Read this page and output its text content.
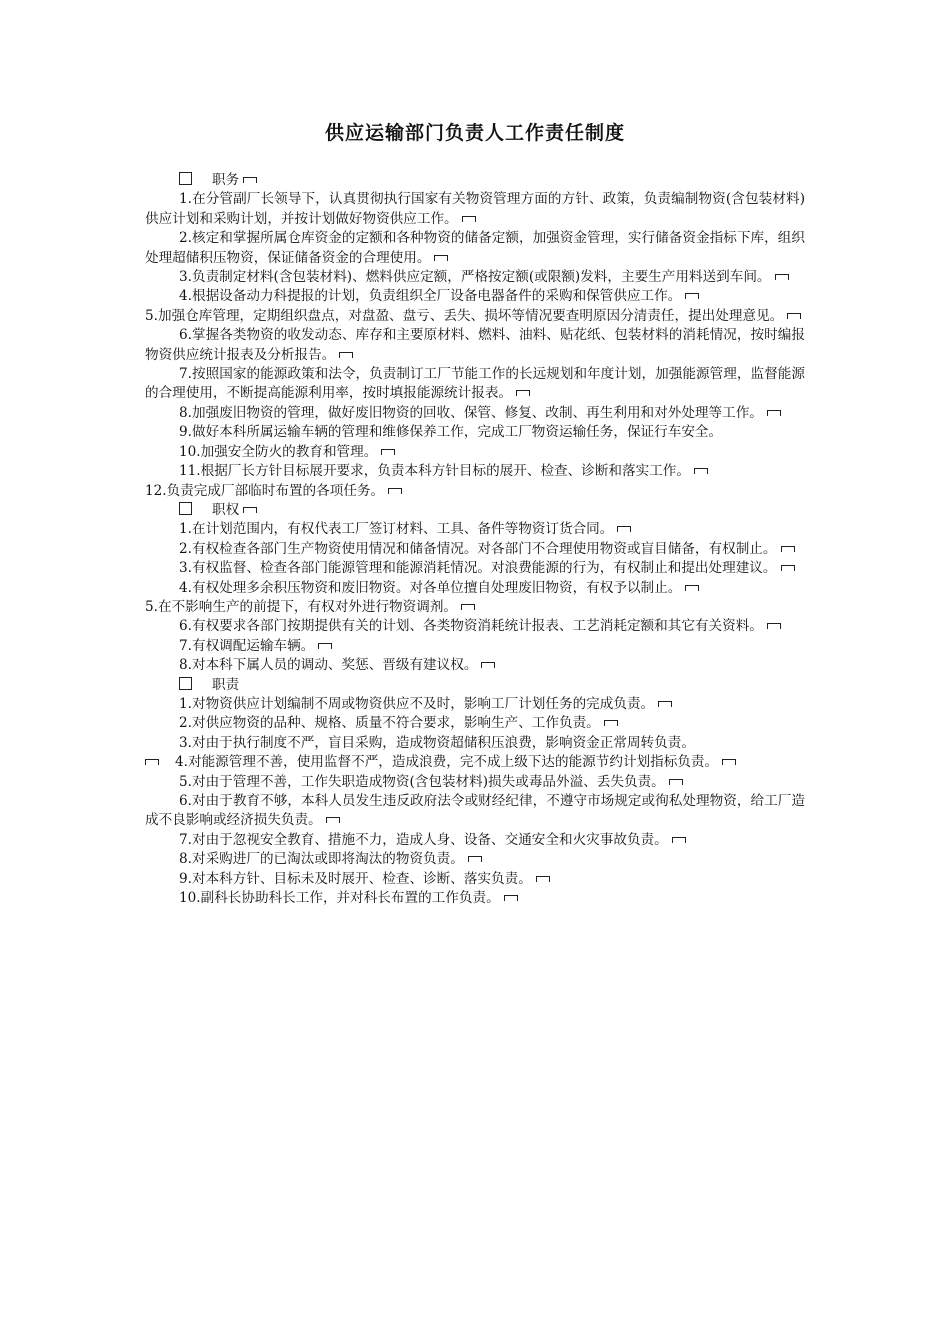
供应运输部门负责人工作责任制度
职务
1.在分管副厂长领导下，认真贯彻执行国家有关物资管理方面的方针、政策，负责编制物资(含包装材料)供应计划和采购计划，并按计划做好物资供应工作。
2.核定和掌握所属仓库资金的定额和各种物资的储备定额，加强资金管理，实行储备资金指标下库，组织处理超储积压物资，保证储备资金的合理使用。
3.负责制定材料(含包装材料)、燃料供应定额，严格按定额(或限额)发料，主要生产用料送到车间。
4.根据设备动力科提报的计划，负责组织全厂设备电器备件的采购和保管供应工作。
5.加强仓库管理，定期组织盘点，对盘盈、盘亏、丢失、损坏等情况要查明原因分清责任，提出处理意见。
6.掌握各类物资的收发动态、库存和主要原材料、燃料、油料、贴花纸、包装材料的消耗情况，按时编报物资供应统计报表及分析报告。
7.按照国家的能源政策和法令，负责制订工厂节能工作的长远规划和年度计划，加强能源管理，监督能源的合理使用，不断提高能源利用率，按时填报能源统计报表。
8.加强废旧物资的管理，做好废旧物资的回收、保管、修复、改制、再生利用和对外处理等工作。
9.做好本科所属运输车辆的管理和维修保养工作，完成工厂物资运输任务，保证行车安全。
10.加强安全防火的教育和管理。
11.根据厂长方针目标展开要求，负责本科方针目标的展开、检查、诊断和落实工作。
12.负责完成厂部临时布置的各项任务。
职权
1.在计划范围内，有权代表工厂签订材料、工具、备件等物资订货合同。
2.有权检查各部门生产物资使用情况和储备情况。对各部门不合理使用物资或盲目储备，有权制止。
3.有权监督、检查各部门能源管理和能源消耗情况。对浪费能源的行为，有权制止和提出处理建议。
4.有权处理多余积压物资和废旧物资。对各单位擅自处理废旧物资，有权予以制止。
5.在不影响生产的前提下，有权对外进行物资调剂。
6.有权要求各部门按期提供有关的计划、各类物资消耗统计报表、工艺消耗定额和其它有关资料。
7.有权调配运输车辆。
8.对本科下属人员的调动、奖惩、晋级有建议权。
职责
1.对物资供应计划编制不周或物资供应不及时，影响工厂计划任务的完成负责。
2.对供应物资的品种、规格、质量不符合要求，影响生产、工作负责。
3.对由于执行制度不严，盲目采购，造成物资超储积压浪费，影响资金正常周转负责。
4.对能源管理不善，使用监督不严，造成浪费，完不成上级下达的能源节约计划指标负责。
5.对由于管理不善，工作失职造成物资(含包装材料)损失或毒品外溢、丢失负责。
6.对由于教育不够，本科人员发生违反政府法令或财经纪律，不遵守市场规定或徇私处理物资，给工厂造成不良影响或经济损失负责。
7.对由于忽视安全教育、措施不力，造成人身、设备、交通安全和火灾事故负责。
8.对采购进厂的已淘汰或即将淘汰的物资负责。
9.对本科方针、目标未及时展开、检查、诊断、落实负责。
10.副科长协助科长工作，并对科长布置的工作负责。
